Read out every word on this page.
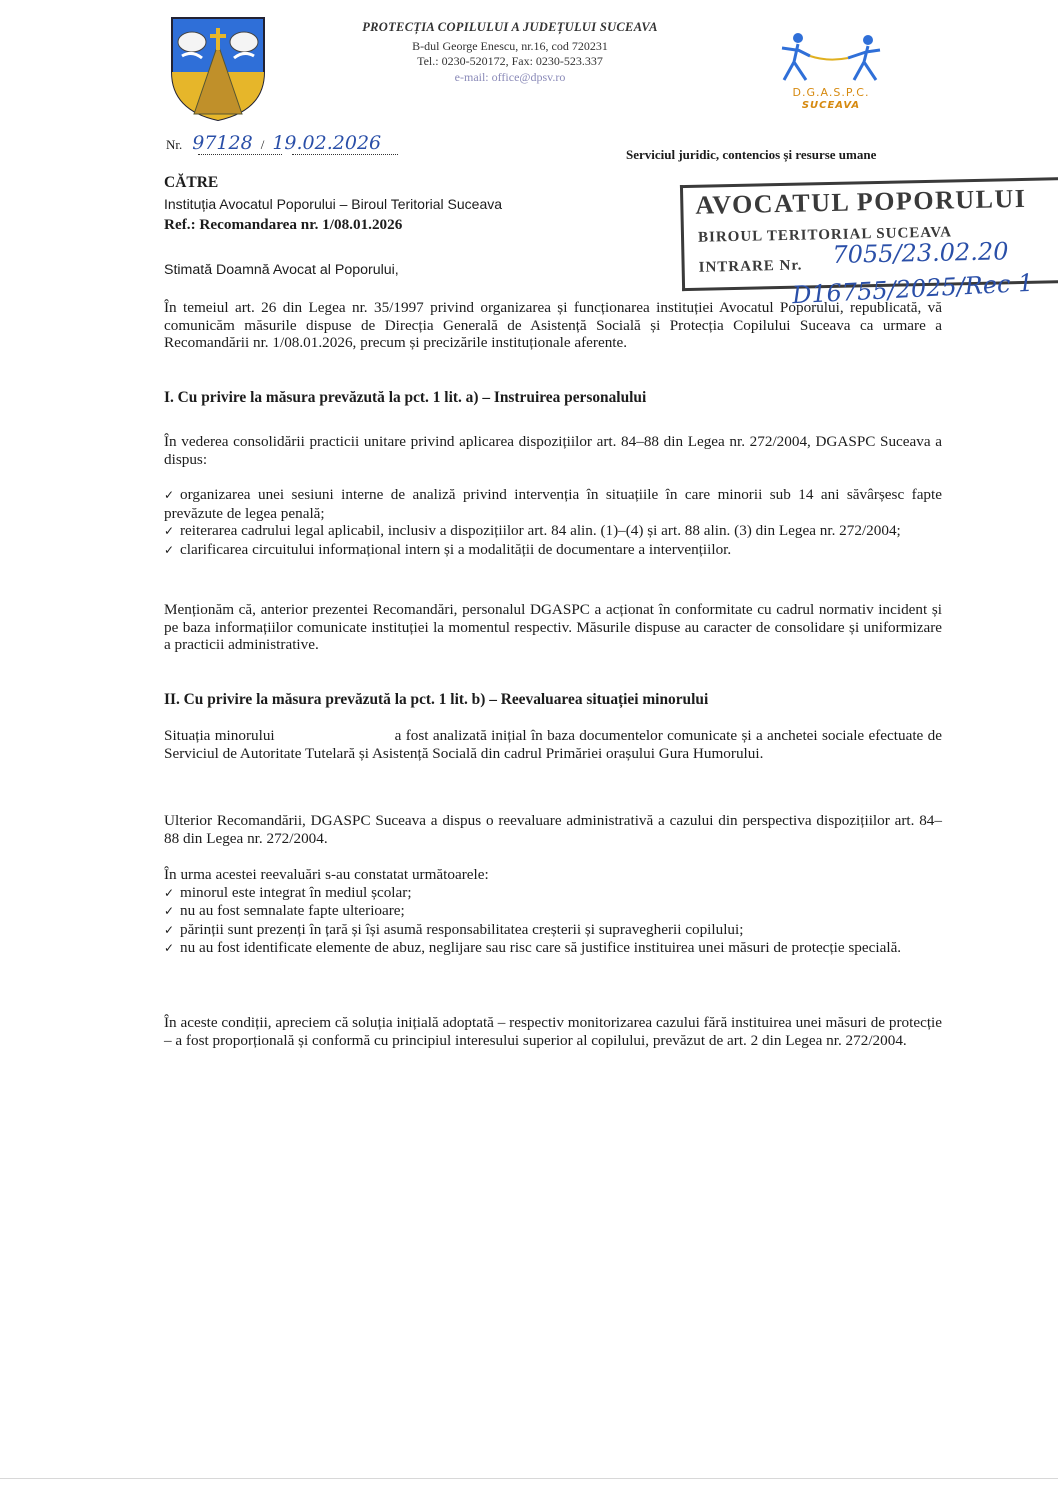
PROTECȚIA COPILULUI A JUDEȚULUI SUCEAVA
B-dul George Enescu, nr.16, cod 720231
Tel.: 0230-520172, Fax: 0230-523.337
e-mail: office@dpsv.ro
D.G.A.S.P.C.
SUCEAVA
Nr. 97128 / 19.02.2026
Serviciul juridic, contencios și resurse umane
CĂTRE
Instituția Avocatul Poporului – Biroul Teritorial Suceava
Ref.: Recomandarea nr. 1/08.01.2026
AVOCATUL POPORULUI
BIROUL TERITORIAL SUCEAVA
INTRARE Nr. 7055/23.02.20
D16755/2025/Rec 1
Stimată Doamnă Avocat al Poporului,
În temeiul art. 26 din Legea nr. 35/1997 privind organizarea și funcționarea instituției Avocatul Poporului, republicată, vă comunicăm măsurile dispuse de Direcția Generală de Asistență Socială și Protecția Copilului Suceava ca urmare a Recomandării nr. 1/08.01.2026, precum și precizările instituționale aferente.
I. Cu privire la măsura prevăzută la pct. 1 lit. a) – Instruirea personalului
În vederea consolidării practicii unitare privind aplicarea dispozițiilor art. 84–88 din Legea nr. 272/2004, DGASPC Suceava a dispus:
✓ organizarea unei sesiuni interne de analiză privind intervenția în situațiile în care minorii sub 14 ani săvârșesc fapte prevăzute de legea penală;
✓ reiterarea cadrului legal aplicabil, inclusiv a dispozițiilor art. 84 alin. (1)–(4) și art. 88 alin. (3) din Legea nr. 272/2004;
✓ clarificarea circuitului informațional intern și a modalității de documentare a intervențiilor.
Menționăm că, anterior prezentei Recomandări, personalul DGASPC a acționat în conformitate cu cadrul normativ incident și pe baza informațiilor comunicate instituției la momentul respectiv. Măsurile dispuse au caracter de consolidare și uniformizare a practicii administrative.
II. Cu privire la măsura prevăzută la pct. 1 lit. b) – Reevaluarea situației minorului
Situația minorului	a fost analizată inițial în baza documentelor comunicate și a anchetei sociale efectuate de Serviciul de Autoritate Tutelară și Asistență Socială din cadrul Primăriei orașului Gura Humorului.
Ulterior Recomandării, DGASPC Suceava a dispus o reevaluare administrativă a cazului din perspectiva dispozițiilor art. 84–88 din Legea nr. 272/2004.
În urma acestei reevaluări s-au constatat următoarele:
✓ minorul este integrat în mediul școlar;
✓ nu au fost semnalate fapte ulterioare;
✓ părinții sunt prezenți în țară și își asumă responsabilitatea creșterii și supravegherii copilului;
✓ nu au fost identificate elemente de abuz, neglijare sau risc care să justifice instituirea unei măsuri de protecție specială.
În aceste condiții, apreciem că soluția inițială adoptată – respectiv monitorizarea cazului fără instituirea unei măsuri de protecție – a fost proporțională și conformă cu principiul interesului superior al copilului, prevăzut de art. 2 din Legea nr. 272/2004.
